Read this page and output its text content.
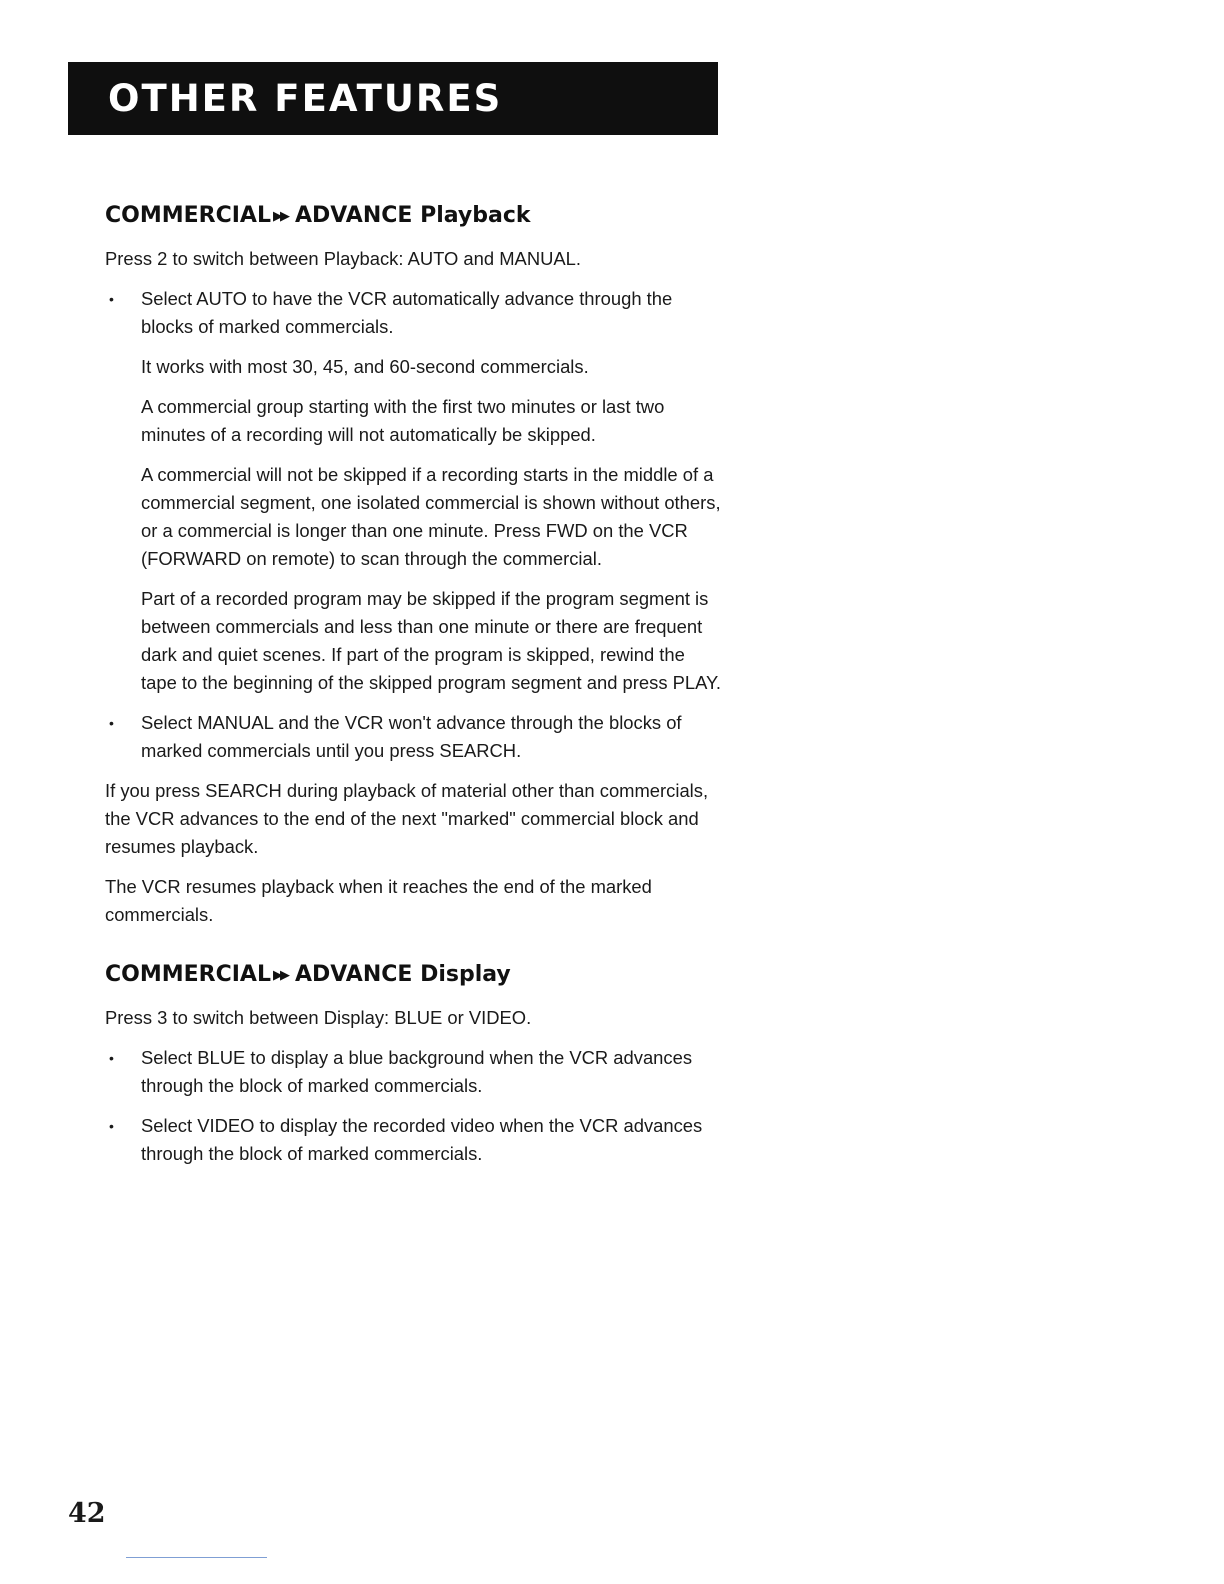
OTHER FEATURES
COMMERCIAL ▶▶ ADVANCE Playback

Press 2 to switch between Playback: AUTO and MANUAL.

• Select AUTO to have the VCR automatically advance through the blocks of marked commercials.

It works with most 30, 45, and 60-second commercials.

A commercial group starting with the first two minutes or last two minutes of a recording will not automatically be skipped.

A commercial will not be skipped if a recording starts in the middle of a commercial segment, one isolated commercial is shown without others, or a commercial is longer than one minute. Press FWD on the VCR (FORWARD on remote) to scan through the commercial.

Part of a recorded program may be skipped if the program segment is between commercials and less than one minute or there are frequent dark and quiet scenes. If part of the program is skipped, rewind the tape to the beginning of the skipped program segment and press PLAY.

• Select MANUAL and the VCR won't advance through the blocks of marked commercials until you press SEARCH.

If you press SEARCH during playback of material other than commercials, the VCR advances to the end of the next "marked" commercial block and resumes playback.

The VCR resumes playback when it reaches the end of the marked commercials.

COMMERCIAL ▶▶ ADVANCE Display

Press 3 to switch between Display: BLUE or VIDEO.

• Select BLUE to display a blue background when the VCR advances through the block of marked commercials.

• Select VIDEO to display the recorded video when the VCR advances through the block of marked commercials.

42
